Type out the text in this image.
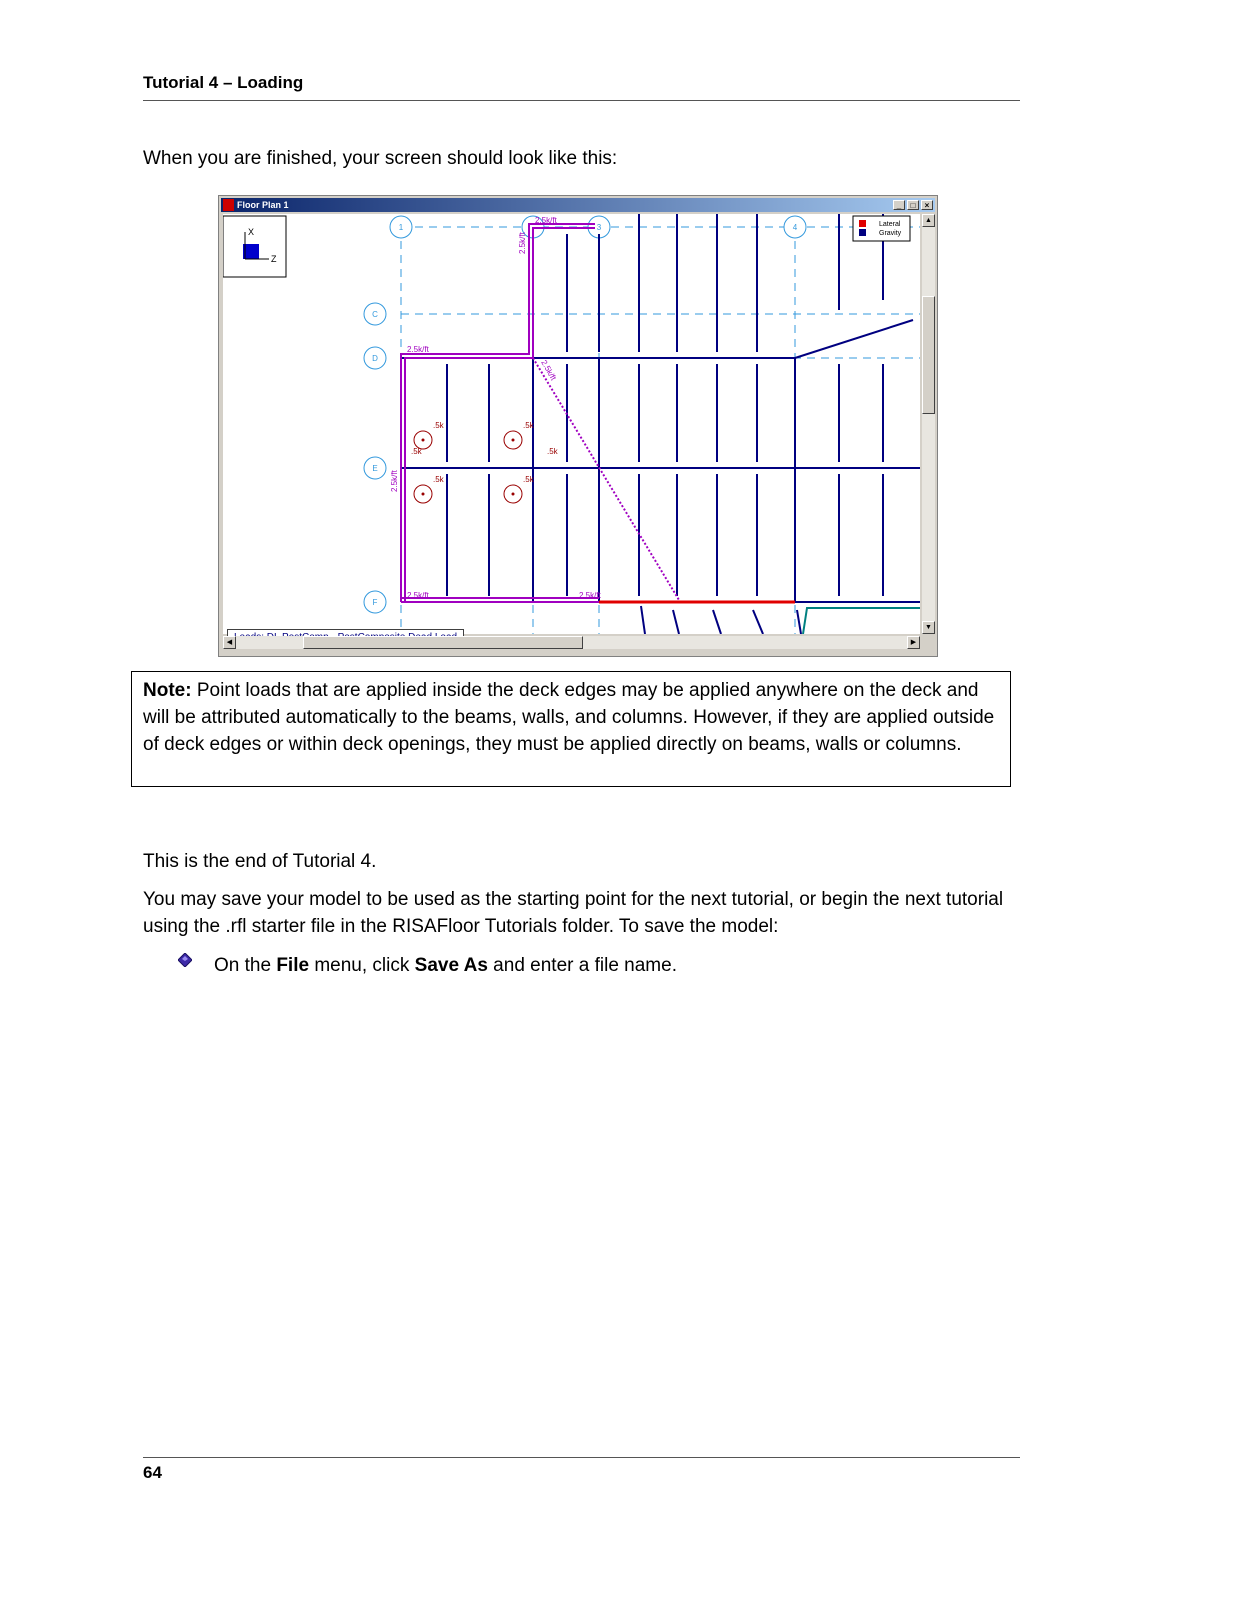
Tutorial 4 – Loading
When you are finished, your screen should look like this:
Floor Plan 1	_	□	×
X
Z
1	3	4
C
D
E
F
2.5k/ft
2.5k/ft
2.5k/ft	2.5k/ft
2.5k/ft
2.5k/ft
2.5k/ft
.5k
.5k
.5k
.5k
.5k	.5k
Lateral
Gravity
▲
▼
◀	▶
Note: Point loads that are applied inside the deck edges may be applied anywhere on the deck and will be attributed automatically to the beams, walls, and columns. However, if they are applied outside of deck edges or within deck openings, they must be applied directly on beams, walls or columns.
This is the end of Tutorial 4.
You may save your model to be used as the starting point for the next tutorial, or begin the next tutorial using the .rfl starter file in the RISAFloor Tutorials folder. To save the model:
On the File menu, click Save As and enter a file name.
64
